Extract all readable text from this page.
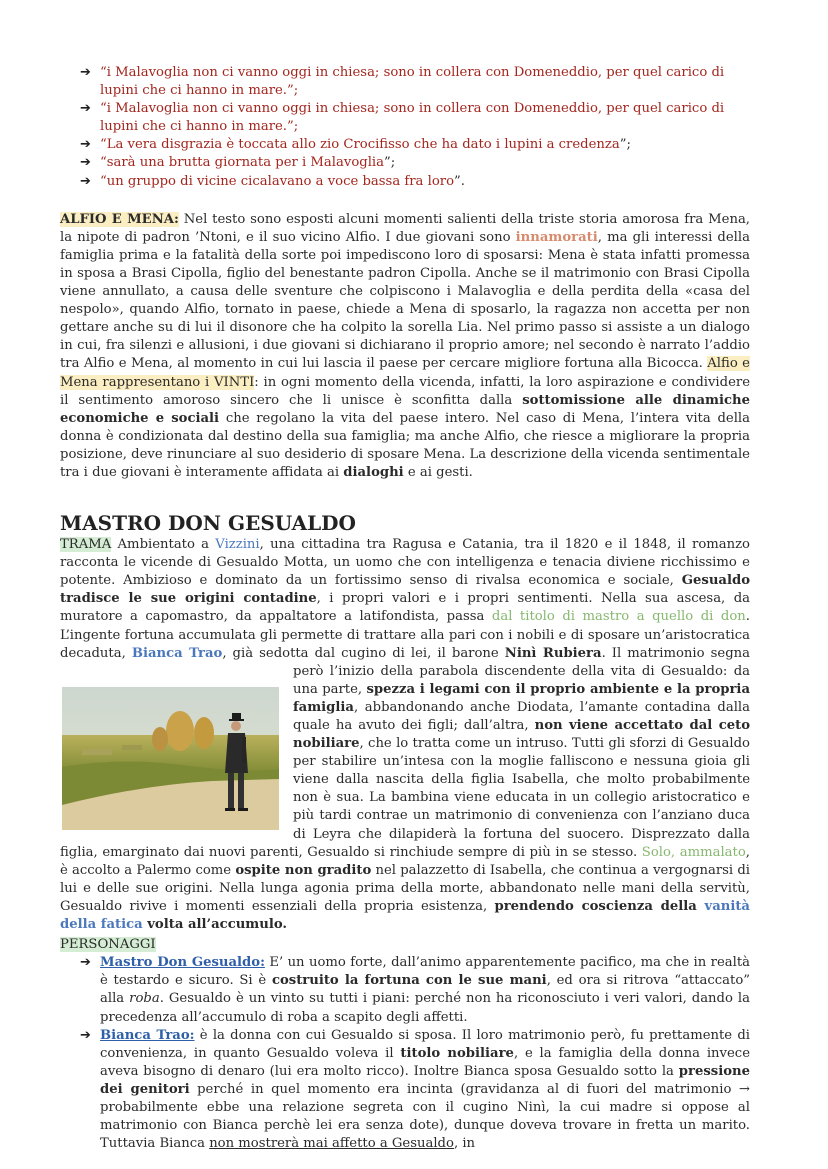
➔ “i Malavoglia non ci vanno oggi in chiesa; sono in collera con Domeneddio, per quel carico di lupini che ci hanno in mare.”;
➔ “i Malavoglia non ci vanno oggi in chiesa; sono in collera con Domeneddio, per quel carico di lupini che ci hanno in mare.”;
➔ “La vera disgrazia è toccata allo zio Crocifisso che ha dato i lupini a credenza”;
➔ “sarà una brutta giornata per i Malavoglia”;
➔ “un gruppo di vicine cicalavano a voce bassa fra loro”.

ALFIO E MENA: Nel testo sono esposti alcuni momenti salienti della triste storia amorosa fra Mena, la nipote di padron ’Ntoni, e il suo vicino Alfio. I due giovani sono innamorati, ma gli interessi della famiglia prima e la fatalità della sorte poi impediscono loro di sposarsi: Mena è stata infatti promessa in sposa a Brasi Cipolla, figlio del benestante padron Cipolla. Anche se il matrimonio con Brasi Cipolla viene annullato, a causa delle sventure che colpiscono i Malavoglia e della perdita della «casa del nespolo», quando Alfio, tornato in paese, chiede a Mena di sposarlo, la ragazza non accetta per non gettare anche su di lui il disonore che ha colpito la sorella Lia. Nel primo passo si assiste a un dialogo in cui, fra silenzi e allusioni, i due giovani si dichiarano il proprio amore; nel secondo è narrato l’addio tra Alfio e Mena, al momento in cui lui lascia il paese per cercare migliore fortuna alla Bicocca. Alfio e Mena rappresentano i VINTI: in ogni momento della vicenda, infatti, la loro aspirazione e condividere il sentimento amoroso sincero che li unisce è sconfitta dalla sottomissione alle dinamiche economiche e sociali che regolano la vita del paese intero. Nel caso di Mena, l’intera vita della donna è condizionata dal destino della sua famiglia; ma anche Alfio, che riesce a migliorare la propria posizione, deve rinunciare al suo desiderio di sposare Mena. La descrizione della vicenda sentimentale tra i due giovani è interamente affidata ai dialoghi e ai gesti.

MASTRO DON GESUALDO

TRAMA Ambientato a Vizzini, una cittadina tra Ragusa e Catania, tra il 1820 e il 1848, il romanzo racconta le vicende di Gesualdo Motta, un uomo che con intelligenza e tenacia diviene ricchissimo e potente. Ambizioso e dominato da un fortissimo senso di rivalsa economica e sociale, Gesualdo tradisce le sue origini contadine, i propri valori e i propri sentimenti. Nella sua ascesa, da muratore a capomastro, da appaltatore a latifondista, passa dal titolo di mastro a quello di don. L’ingente fortuna accumulata gli permette di trattare alla pari con i nobili e di sposare un’aristocratica decaduta, Bianca Trao, già sedotta dal cugino di lei, il barone Ninì Rubiera
. Il matrimonio segna però l’inizio della parabola discendente della vita di Gesualdo: da una parte, spezza i legami con il proprio ambiente e la propria famiglia, abbandonando anche Diodata, l’amante contadina dalla quale ha avuto dei figli; dall’altra, non viene accettato dal ceto nobiliare, che lo tratta come un intruso. Tutti gli sforzi di Gesualdo per stabilire un’intesa con la moglie falliscono e nessuna gioia gli viene dalla nascita della figlia Isabella, che molto probabilmente non è sua. La bambina viene educata in un collegio aristocratico e più tardi contrae un matrimonio di convenienza con l’anziano duca di Leyra che dilapiderà la fortuna del suocero. Disprezzato dalla figlia, emarginato dai nuovi parenti, Gesualdo si rinchiude sempre di più in se stesso. Solo, ammalato, è accolto a Palermo come ospite non gradito nel palazzetto di Isabella, che continua a vergognarsi di lui e delle sue origini. Nella lunga agonia prima della morte, abbandonato nelle mani della servitù, Gesualdo rivive i momenti essenziali della propria esistenza, prendendo coscienza della vanità della fatica volta all’accumulo.

PERSONAGGI
➔ Mastro Don Gesualdo: E’ un uomo forte, dall’animo apparentemente pacifico, ma che in realtà è testardo e sicuro. Si è costruito la fortuna con le sue mani, ed ora si ritrova “attaccato” alla roba. Gesualdo è un vinto su tutti i piani: perché non ha riconosciuto i veri valori, dando la precedenza all’accumulo di roba a scapito degli affetti.
➔ Bianca Trao: è la donna con cui Gesualdo si sposa. Il loro matrimonio però, fu prettamente di convenienza, in quanto Gesualdo voleva il titolo nobiliare, e la famiglia della donna invece aveva bisogno di denaro (lui era molto ricco). Inoltre Bianca sposa Gesualdo sotto la pressione dei genitori perché in quel momento era incinta (gravidanza al di fuori del matrimonio → probabilmente ebbe una relazione segreta con il cugino Ninì, la cui madre si oppose al matrimonio con Bianca perchè lei era senza dote), dunque doveva trovare in fretta un marito. Tuttavia Bianca non mostrerà mai affetto a Gesualdo, in
